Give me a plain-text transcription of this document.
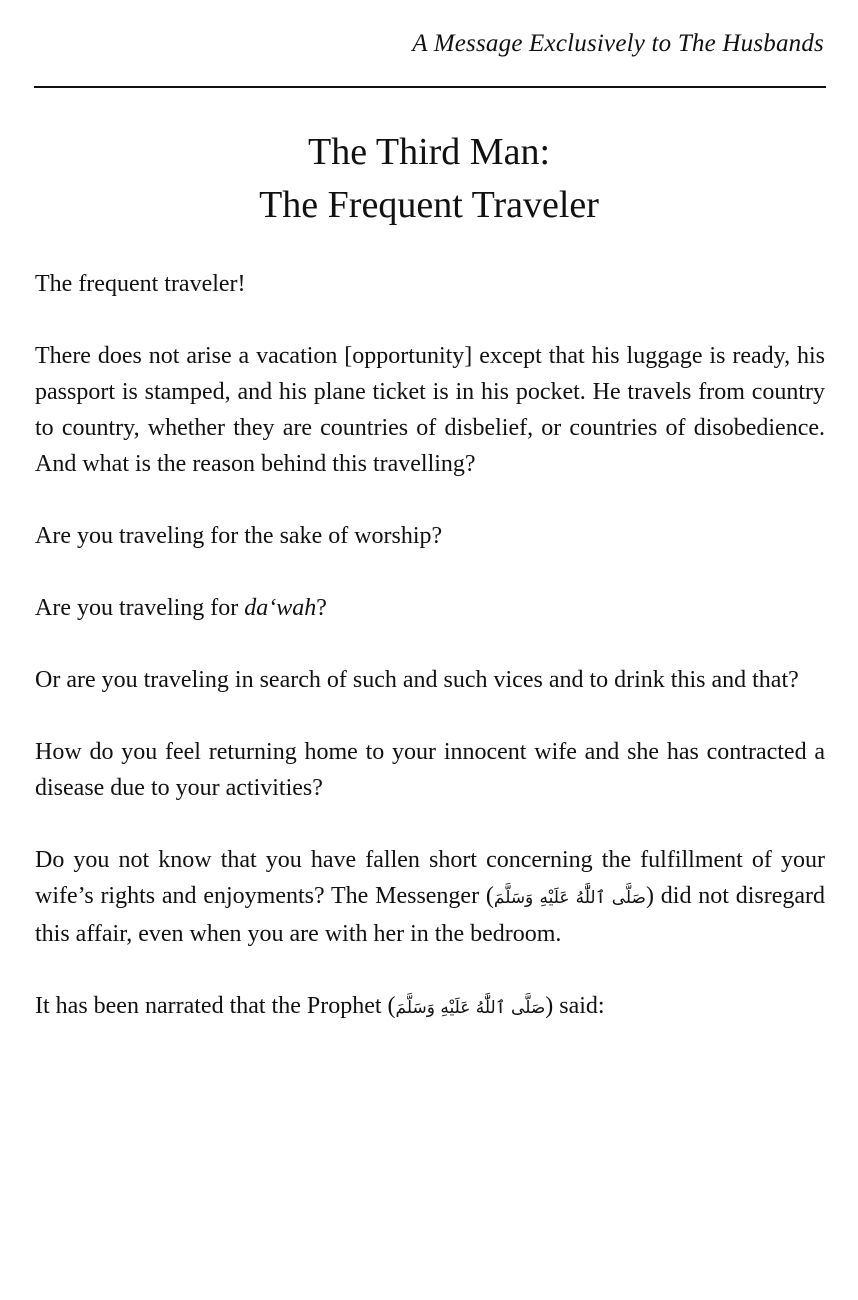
A Message Exclusively to The Husbands
The Third Man:
The Frequent Traveler

The frequent traveler!

There does not arise a vacation [opportunity] except that his luggage is ready, his passport is stamped, and his plane ticket is in his pocket. He travels from country to country, whether they are countries of disbelief, or countries of disobedience. And what is the reason behind this travelling?

Are you traveling for the sake of worship?

Are you traveling for da‘wah?

Or are you traveling in search of such and such vices and to drink this and that?

How do you feel returning home to your innocent wife and she has contracted a disease due to your activities?

Do you not know that you have fallen short concerning the fulfillment of your wife’s rights and enjoyments? The Messenger (صَلَّى ٱللَّٰهُ عَلَيْهِ وَسَلَّمَ) did not disregard this affair, even when you are with her in the bedroom.

It has been narrated that the Prophet (صَلَّى ٱللَّٰهُ عَلَيْهِ وَسَلَّمَ) said:
